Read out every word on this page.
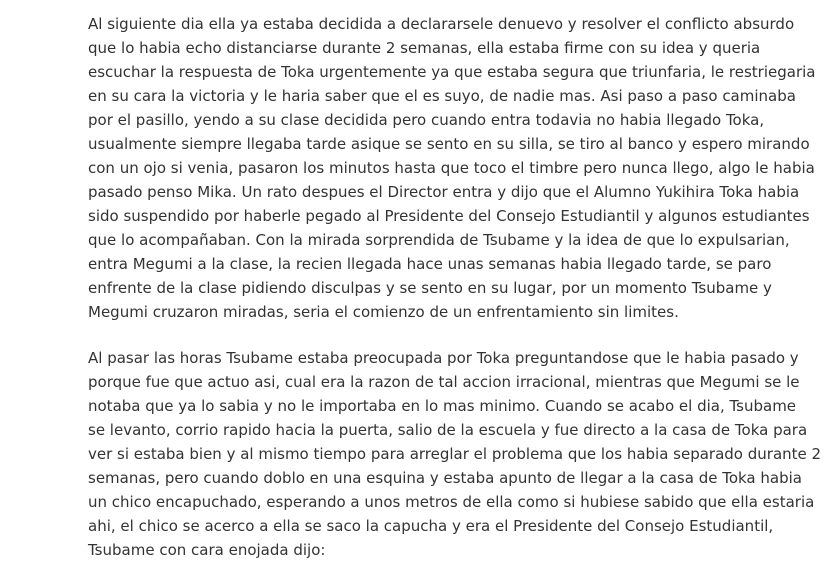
Al siguiente dia ella ya estaba decidida a declararsele denuevo y resolver el conflicto absurdo
que lo habia echo distanciarse durante 2 semanas, ella estaba firme con su idea y queria
escuchar la respuesta de Toka urgentemente ya que estaba segura que triunfaria, le restriegaria
en su cara la victoria y le haria saber que el es suyo, de nadie mas. Asi paso a paso caminaba
por el pasillo, yendo a su clase decidida pero cuando entra todavia no habia llegado Toka,
usualmente siempre llegaba tarde asique se sento en su silla, se tiro al banco y espero mirando
con un ojo si venia, pasaron los minutos hasta que toco el timbre pero nunca llego, algo le habia
pasado penso Mika. Un rato despues el Director entra y dijo que el Alumno Yukihira Toka habia
sido suspendido por haberle pegado al Presidente del Consejo Estudiantil y algunos estudiantes
que lo acompañaban. Con la mirada sorprendida de Tsubame y la idea de que lo expulsarian,
entra Megumi a la clase, la recien llegada hace unas semanas habia llegado tarde, se paro
enfrente de la clase pidiendo disculpas y se sento en su lugar, por un momento Tsubame y
Megumi cruzaron miradas, seria el comienzo de un enfrentamiento sin limites.
Al pasar las horas Tsubame estaba preocupada por Toka preguntandose que le habia pasado y
porque fue que actuo asi, cual era la razon de tal accion irracional, mientras que Megumi se le
notaba que ya lo sabia y no le importaba en lo mas minimo. Cuando se acabo el dia, Tsubame
se levanto, corrio rapido hacia la puerta, salio de la escuela y fue directo a la casa de Toka para
ver si estaba bien y al mismo tiempo para arreglar el problema que los habia separado durante 2
semanas, pero cuando doblo en una esquina y estaba apunto de llegar a la casa de Toka habia
un chico encapuchado, esperando a unos metros de ella como si hubiese sabido que ella estaria
ahi, el chico se acerco a ella se saco la capucha y era el Presidente del Consejo Estudiantil,
Tsubame con cara enojada dijo:
